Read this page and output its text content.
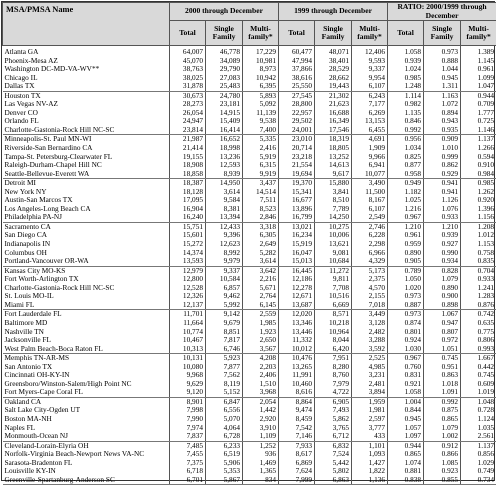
MSA/PMSA Name	2000 through December			1999 through December			RATIO: 2000/1999 through December		
	Total	Single Family	Multi-family*	Total	Single Family	Multi-family*	Total	Single Family	Multi-family*
Atlanta GA	64,007	46,778	17,229	60,477	48,071	12,406	1.058	0.973	1.389
Phoenix-Mesa AZ	45,070	34,089	10,981	47,994	38,401	9,593	0.939	0.888	1.145
Washington DC-MD-VA-WV**	38,763	29,790	8,973	37,866	28,529	9,337	1.024	1.044	0.961
Chicago IL	38,025	27,083	10,942	38,616	28,662	9,954	0.985	0.945	1.099
Dallas TX	31,878	25,483	6,395	25,550	19,443	6,107	1.248	1.311	1.047
Houston TX	30,673	24,780	5,893	27,545	21,302	6,243	1.114	1.163	0.944
Las Vegas NV-AZ	28,273	23,181	5,092	28,800	21,623	7,177	0.982	1.072	0.709
Denver CO	26,054	14,915	11,139	22,957	16,688	6,269	1.135	0.894	1.777
Orlando FL	24,947	15,409	9,538	29,502	16,349	13,153	0.846	0.943	0.725
Charlotte-Gastonia-Rock Hill NC-SC	23,814	16,414	7,400	24,001	17,546	6,455	0.992	0.935	1.146
Minneapolis-St. Paul MN-WI	21,987	16,652	5,335	23,010	18,319	4,691	0.956	0.909	1.137
Riverside-San Bernardino CA	21,414	18,998	2,416	20,714	18,805	1,909	1.034	1.010	1.266
Tampa-St. Petersburg-Clearwater FL	19,155	13,236	5,919	23,218	13,252	9,966	0.825	0.999	0.594
Raleigh-Durham-Chapel Hill NC	18,908	12,593	6,315	21,554	14,613	6,941	0.877	0.862	0.910
Seattle-Bellevue-Everett WA	18,858	8,939	9,919	19,694	9,617	10,077	0.958	0.929	0.984
Detroit MI	18,387	14,950	3,437	19,370	15,880	3,490	0.949	0.941	0.985
New York NY	18,128	3,614	14,514	15,341	3,841	11,500	1.182	0.941	1.262
Austin-San Marcos TX	17,095	9,584	7,511	16,677	8,510	8,167	1.025	1.126	0.920
Los Angeles-Long Beach CA	16,904	8,381	8,523	13,896	7,789	6,107	1.216	1.076	1.396
Philadelphia PA-NJ	16,240	13,394	2,846	16,799	14,250	2,549	0.967	0.933	1.156
Sacramento CA	15,751	12,433	3,318	13,021	10,275	2,746	1.210	1.210	1.208
San Diego CA	15,601	9,396	6,305	16,234	10,006	6,228	0.961	0.939	1.012
Indianapolis IN	15,272	12,623	2,649	15,919	13,621	2,298	0.959	0.927	1.153
Columbus OH	14,374	8,992	5,282	16,047	9,081	6,966	0.890	0.990	0.758
Portland-Vancouver OR-WA	13,593	9,979	3,614	15,013	10,684	4,329	0.905	0.934	0.835
Kansas City MO-KS	12,979	9,337	3,642	16,445	11,272	5,173	0.789	0.828	0.704
Fort Worth-Arlington TX	12,800	10,584	2,216	12,186	9,811	2,375	1.050	1.079	0.933
Charlotte-Gastonia-Rock Hill NC-SC	12,528	6,857	5,671	12,278	7,708	4,570	1.020	0.890	1.241
St. Louis MO-IL	12,326	9,462	2,764	12,671	10,516	2,155	0.973	0.900	1.283
Miami FL	12,137	5,992	6,145	13,687	6,669	7,018	0.887	0.898	0.876
Fort Lauderdale FL	11,701	9,142	2,559	12,020	8,571	3,449	0.973	1.067	0.742
Baltimore MD	11,664	9,679	1,985	13,346	10,218	3,128	0.874	0.947	0.635
Nashville TN	10,774	8,851	1,923	13,446	10,964	2,482	0.801	0.807	0.775
Jacksonville FL	10,467	7,817	2,650	11,332	8,044	3,288	0.924	0.972	0.806
West Palm Beach-Boca Raton FL	10,313	6,746	3,567	10,012	6,420	3,592	1.030	1.051	0.993
Memphis TN-AR-MS	10,131	5,923	4,208	10,476	7,951	2,525	0.967	0.745	1.667
San Antonio TX	10,080	7,877	2,203	13,265	8,280	4,985	0.760	0.951	0.442
Cincinnati OH-KY-IN	9,968	7,562	2,406	11,991	8,760	3,231	0.831	0.863	0.745
Greensboro/Winston-Salem/High Point NC	9,629	8,119	1,510	10,460	7,979	2,481	0.921	1.018	0.609
Fort Myers-Cape Coral FL	9,120	5,152	3,968	8,616	4,722	3,894	1.058	1.091	1.019
Oakland CA	8,901	6,847	2,054	8,864	6,905	1,959	1.004	0.992	1.048
Salt Lake City-Ogden UT	7,998	6,556	1,442	9,474	7,493	1,981	0.844	0.875	0.728
Boston MA-NH	7,990	5,070	2,920	8,459	5,862	2,597	0.945	0.865	1.124
Naples FL	7,974	4,064	3,910	7,542	3,765	3,777	1.057	1.079	1.035
Monmouth-Ocean NJ	7,837	6,728	1,109	7,146	6,712	433	1.097	1.002	2.561
Cleveland-Lorain-Elyria OH	7,485	6,233	1,252	7,933	6,832	1,101	0.944	0.912	1.137
Norfolk-Virginia Beach-Newport News VA-NC	7,455	6,519	936	8,617	7,524	1,093	0.865	0.866	0.856
Sarasota-Bradenton FL	7,375	5,906	1,469	6,869	5,442	1,427	1.074	1.085	1.029
Louisville KY-IN	6,718	5,353	1,365	7,624	5,802	1,822	0.881	0.923	0.749
Greenville-Spartanburg-Anderson SC	6,701	5,867	834	7,999	6,863	1,136	0.838	0.855	0.734
